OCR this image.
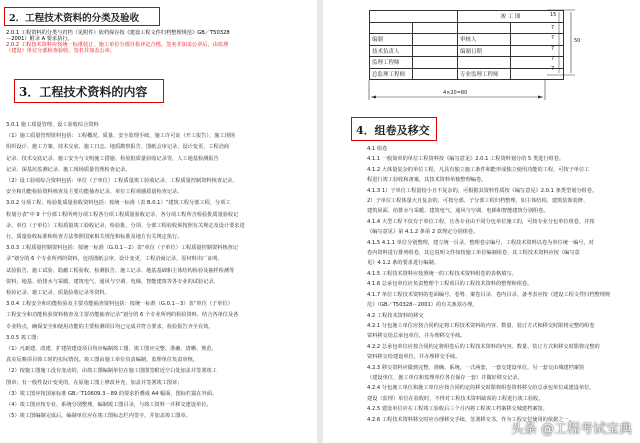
2．工程技术资料的分类及验收
2.0.1 工程资料的分类与归档（见附件）依档保存按《建设工程文件归档整理规范》GB／T50328
－2001）附录 A 要求执行。
2.0.2 工程技术资料应按统一标准装订，施工单位分部自检评定合格，签名并加盖公章后，由监理
（建设）单位分部检查验收，签名并加盖公章。
3．工程技术资料的内容
3.0.1 施工质量管理、设工验收综合资料
（1）施工质量管理资料包括：工程概况、质量、安全监理手续、施工许可证（开工报告）、施工现场
组织设计、施工方案、技术交底、施工日志、地质勘察报告、图纸会审记录、设计变更、工程洽商
记录、技术交底记录、施工安全与文明施工措施、检验批质量验收记录等，人工地基检测报告
记录、深基坑监测记录、施工现场质量管理检查记录。
（2）设工验收综合资料包括：单位（子单位）工程质量竣工验收记录、工程质量控制资料核查记录，
安全和功能检验资料核查及主要功能抽查记录、单位工程观感质量检查记录。
3.0.2 分项工程、检验批质量验收资料包括：按统一标准（表 B.0.1）“建筑工程分部工程，分项工
程划分表”中 9 个分部工程所列分项工程各分项工程质量验收记录，各分项工程所含检验批质量验收记
录，单位（子单位）工程质量竣工验收记录，检验批、分项、分部工程验收须按照有关规定及设计要求进
行。质量验收标准和检查方法参照国家相关规范和标准及地方有关规定执行。
3.0.3 工程质量控制资料包括：按统一标准（G.0.1－2）表“单位（子单位）工程质量控制资料核查记
录”划分的 6 个专业所列的资料，包括图纸会审、设计变更、工程洽商记录，原材料出厂证明、
试验报告、施工试验、隐蔽工程验收、检测报告、施工记录、地基基础和主体结构检验及抽样检测等
资料，地基、给排水与采暖、建筑电气、通风与空调、电梯、智能建筑等各专业的试验记录、
检验记录、施工记录、质量验收记录等资料。
3.0.4 工程安全和功能检验及主要功能抽查资料包括：按统一标准（G.0.1－3）表“单位（子单位）
工程安全和功能检验资料核查及主要功能抽查记录”划分的 6 个专业所列的检验资料，结合各单位及各
专业特点，确保安全和使用功能的主要检测项目均已完成并符合要求，检验报告齐全有效。
3.0.5 竣工图：
（1）凡新建、改建、扩建的建设项目均应编制竣工图，竣工图应完整、准确、清晰、规范，
真实反映项目竣工时的实际情况。竣工图由施工单位负责编制，监理单位负责审核。
（2）按施工图施工没有变动的，由竣工图编制单位在施工图图签附近空白处加盖并签署竣工
图章；有一般性设计变更的，在原施工图上修改补充，加盖并签署竣工图章；
（3）竣工图应按国家标准 GB／T10609.3－89 的要求折叠成 A4 幅面，图标栏露在外面。
（4）竣工图应按专业、系统分别整理，编制竣工图目录，与竣工资料一并移交建设单位。
（5）竣工图编制完成后，编制单位应在竣工图标志栏内签字，并加盖竣工图章。
		竣 工 图	

编制		审核人	
技术负责人		编制日期	
监理工程师			
总监理工程师		专业监理工程师	
15
7
7
7
7
7
50
4×20=80
4．组卷及移交
4.1 组卷
4.1.1 一般简单的单位工程资料按《编写意见》2.0.1 工程资料划分的 5 类进行组卷。
4.1.2 大体量复杂的单位工程，凡具有独立施工条件和能形成独立使用功能的工程，可按子单位工
程进行竣工验收和备案，其技术资料单独整理编卷。
4.1.3 1）子单位工程量较小且不复杂的，可根据其资料性质按《编写意见》2.0.1 条类型划分组卷。
2）子单位工程体量大且复杂的，可按分部、子分部工程归档整理，如主体结构、建筑装饰装修、
建筑屋面、给排水与采暖、建筑电气、通风与空调、电梯和智能建筑分别组卷。
4.1.4 大型工程不仅有子单位工程，且各专业由不同分包单位施工的，可按专业分包单位组卷，并按
《编写意见》第 4.1.2 条第 2 款规定分别组卷。
4.1.5 4.1.1 单位分别整理，建立统一目录，整理卷宗编号，工程技术资料以卷为单位统一编号，对
卷内资料进行排列组卷，其它说明文件如按施工单位编制组卷，其工程技术资料应按《编写意
见》4.1.2 条的要求进行编制。
4.1.5 工程技术资料应按照统一的工程技术资料组卷的表格填写。
4.1.6 总承包单位应负责整理个工程项目的工程技术资料的整理和组卷。
4.1.7 单位工程技术资料的卷面编号、卷脊、案卷目录、卷内目录、备考表应按《建设工程文件归档整理规
范》（GB／T50328－2001）的有关条款办理。
4.2 工程技术资料的移交
4.2.1 分包施工单位应按合同约定将工程技术资料的内容、数量、装订方式和移交时限将完整的组卷
资料移交给总承包单位，并办理移交手续。
4.2.2 总承包单位应按合同约定将组卷后的工程技术资料的内容、数量、装订方式和移交时限将完整的
资料移交给建设单位，并办理移交手续。
4.2.3 移交资料应做到完整、准确、系统，一式两套，一套交建设单位，另一套交由城建档案馆
（建设单位、施工单位和监理单位各自保存一套）并做好移交记录。
4.2.4 分包施工单位和施工单位应按合同约定的移交时限将组卷资料移交给总承包单位或建设单位。
建设（监理）单位在验收时，不得对工程技术资料缺项的工程进行竣工验收。
4.2.5 建设单位应在工程竣工验收后三个月内将工程竣工档案移交城建档案馆。
4.2.6 工程技术资料移交时应办理移交手续，签署移交书，作为工程交付使用的依据之一。
头条 @工程考试宝典
